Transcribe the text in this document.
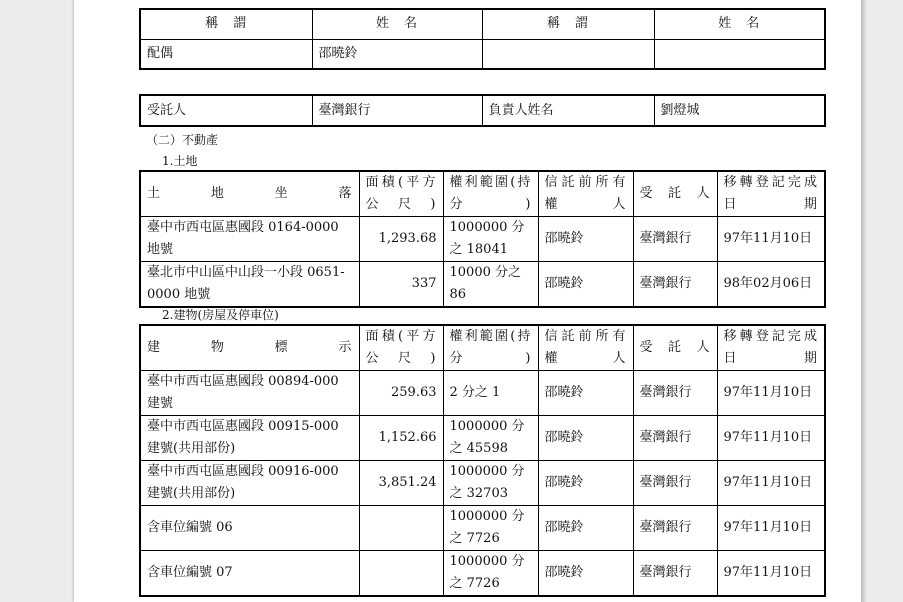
稱　謂	姓　名	稱　謂	姓　名
配偶	邵曉鈴		
受託人	臺灣銀行	負責人姓名	劉燈城
（二）不動產
1.土地
土　地　坐　落	面積(平方公尺)	權利範圍(持分)	信託前所有權人	受託人	移轉登記完成日期
臺中市西屯區惠國段 0164-0000 地號	1,293.68	1000000 分之 18041	邵曉鈴	臺灣銀行	97年11月10日
臺北市中山區中山段一小段 0651-0000 地號	337	10000 分之 86	邵曉鈴	臺灣銀行	98年02月06日
2.建物(房屋及停車位)
建　物　標　示	面積(平方公尺)	權利範圍(持分)	信託前所有權人	受託人	移轉登記完成日期
臺中市西屯區惠國段 00894-000 建號	259.63	2 分之 1	邵曉鈴	臺灣銀行	97年11月10日
臺中市西屯區惠國段 00915-000 建號(共用部份)	1,152.66	1000000 分之 45598	邵曉鈴	臺灣銀行	97年11月10日
臺中市西屯區惠國段 00916-000 建號(共用部份)	3,851.24	1000000 分之 32703	邵曉鈴	臺灣銀行	97年11月10日
含車位編號 06		1000000 分之 7726	邵曉鈴	臺灣銀行	97年11月10日
含車位編號 07		1000000 分之 7726	邵曉鈴	臺灣銀行	97年11月10日
